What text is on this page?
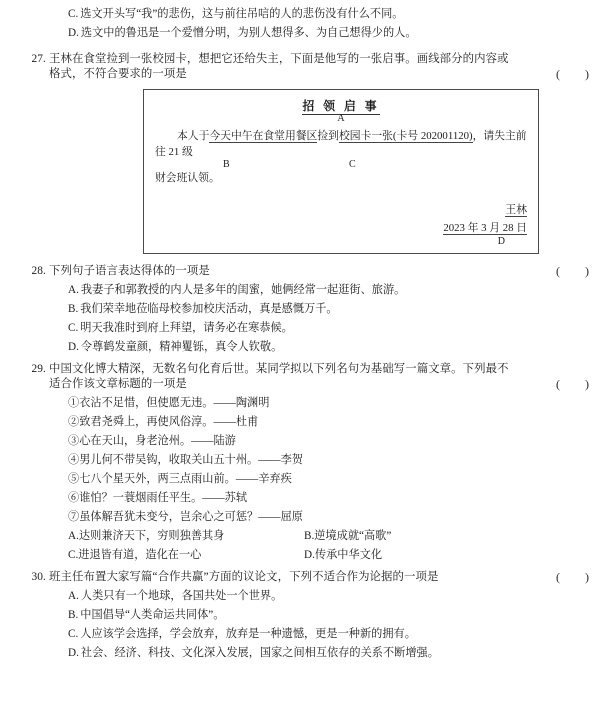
C. 选文开头写“我”的悲伤，这与前往吊唁的人的悲伤没有什么不同。
D. 选文中的鲁迅是一个爱憎分明，为别人想得多、为自己想得少的人。
27. 王林在食堂捡到一张校园卡，想把它还给失主，下面是他写的一张启事。画线部分的内容或
格式，不符合要求的一项是	( )
招 领 启 事
A
本人于今天中午在食堂用餐区捡到校园卡一张(卡号 202001120)，请失主前往 21 级
B	C
财会班认领。
王林
2023 年 3 月 28 日
D
28. 下列句子语言表达得体的一项是	( )
A. 我妻子和郭教授的内人是多年的闺蜜，她俩经常一起逛街、旅游。
B. 我们荣幸地莅临母校参加校庆活动，真是感慨万千。
C. 明天我准时到府上拜望，请务必在寒恭候。
D. 令尊鹤发童颜，精神矍铄，真令人钦敬。
29. 中国文化博大精深，无数名句化育后世。某同学拟以下列名句为基础写一篇文章。下列最不
适合作该文章标题的一项是	( )
①衣沾不足惜，但使愿无违。——陶渊明
②致君尧舜上，再使风俗淳。——杜甫
③心在天山，身老沧州。——陆游
④男儿何不带吴钩，收取关山五十州。——李贺
⑤七八个星天外，两三点雨山前。——辛弃疾
⑥谁怕？一蓑烟雨任平生。——苏轼
⑦虽体解吾犹未变兮，岂余心之可惩？——屈原
A. 达则兼济天下，穷则独善其身	B. 逆境成就“高歌”
C. 进退皆有道，造化在一心	D. 传承中华文化
30. 班主任布置大家写篇“合作共赢”方面的议论文，下列不适合作为论据的一项是	( )
A. 人类只有一个地球，各国共处一个世界。
B. 中国倡导“人类命运共同体”。
C. 人应该学会选择，学会放弃，放弃是一种遗憾，更是一种新的拥有。
D. 社会、经济、科技、文化深入发展，国家之间相互依存的关系不断增强。
